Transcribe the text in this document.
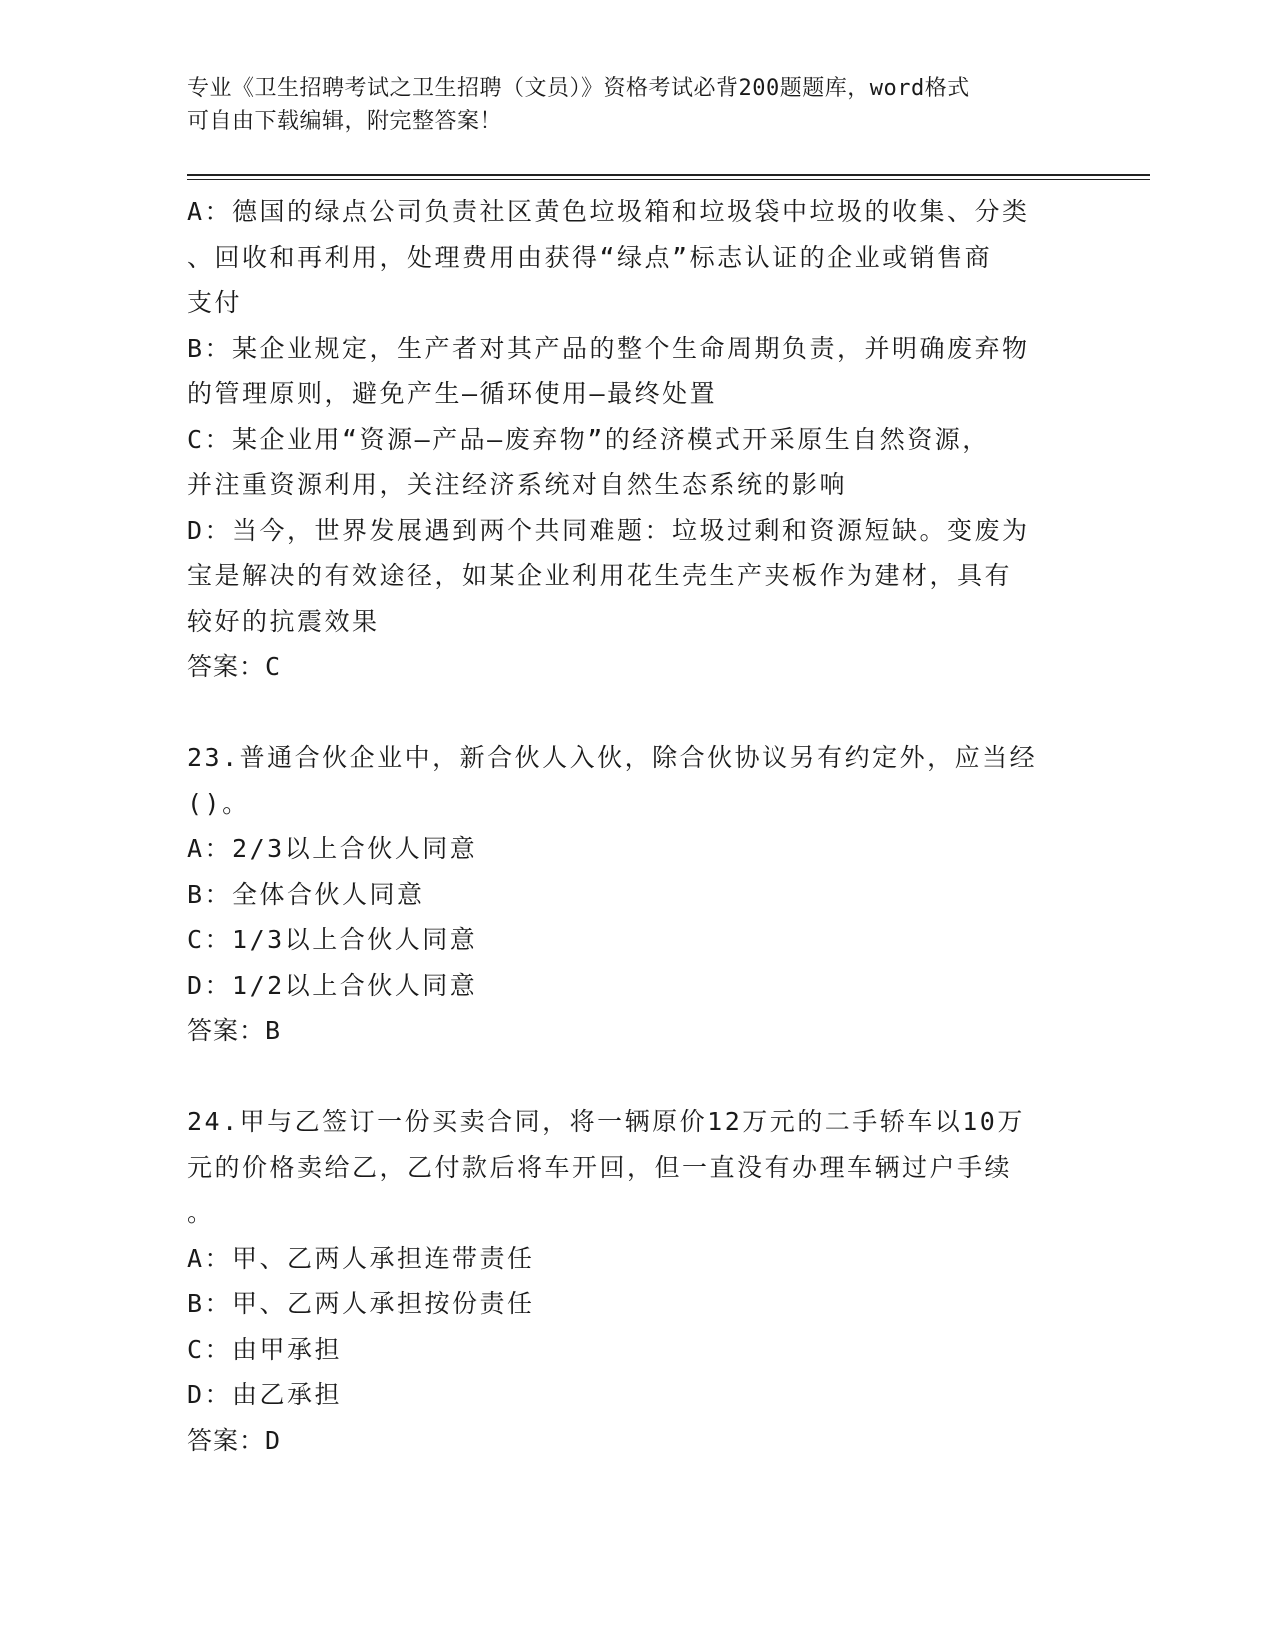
专业《卫生招聘考试之卫生招聘（文员）》资格考试必背200题题库，word格式
可自由下载编辑，附完整答案！
A：德国的绿点公司负责社区黄色垃圾箱和垃圾袋中垃圾的收集、分类
、回收和再利用，处理费用由获得“绿点”标志认证的企业或销售商
支付
B：某企业规定，生产者对其产品的整个生命周期负责，并明确废弃物
的管理原则，避免产生—循环使用—最终处置
C：某企业用“资源—产品—废弃物”的经济模式开采原生自然资源，
并注重资源利用，关注经济系统对自然生态系统的影响
D：当今，世界发展遇到两个共同难题：垃圾过剩和资源短缺。变废为
宝是解决的有效途径，如某企业利用花生壳生产夹板作为建材，具有
较好的抗震效果
答案：C
23.普通合伙企业中，新合伙人入伙，除合伙协议另有约定外，应当经
()。
A：2/3以上合伙人同意
B：全体合伙人同意
C：1/3以上合伙人同意
D：1/2以上合伙人同意
答案：B
24.甲与乙签订一份买卖合同，将一辆原价12万元的二手轿车以10万
元的价格卖给乙，乙付款后将车开回，但一直没有办理车辆过户手续
。
A：甲、乙两人承担连带责任
B：甲、乙两人承担按份责任
C：由甲承担
D：由乙承担
答案：D
